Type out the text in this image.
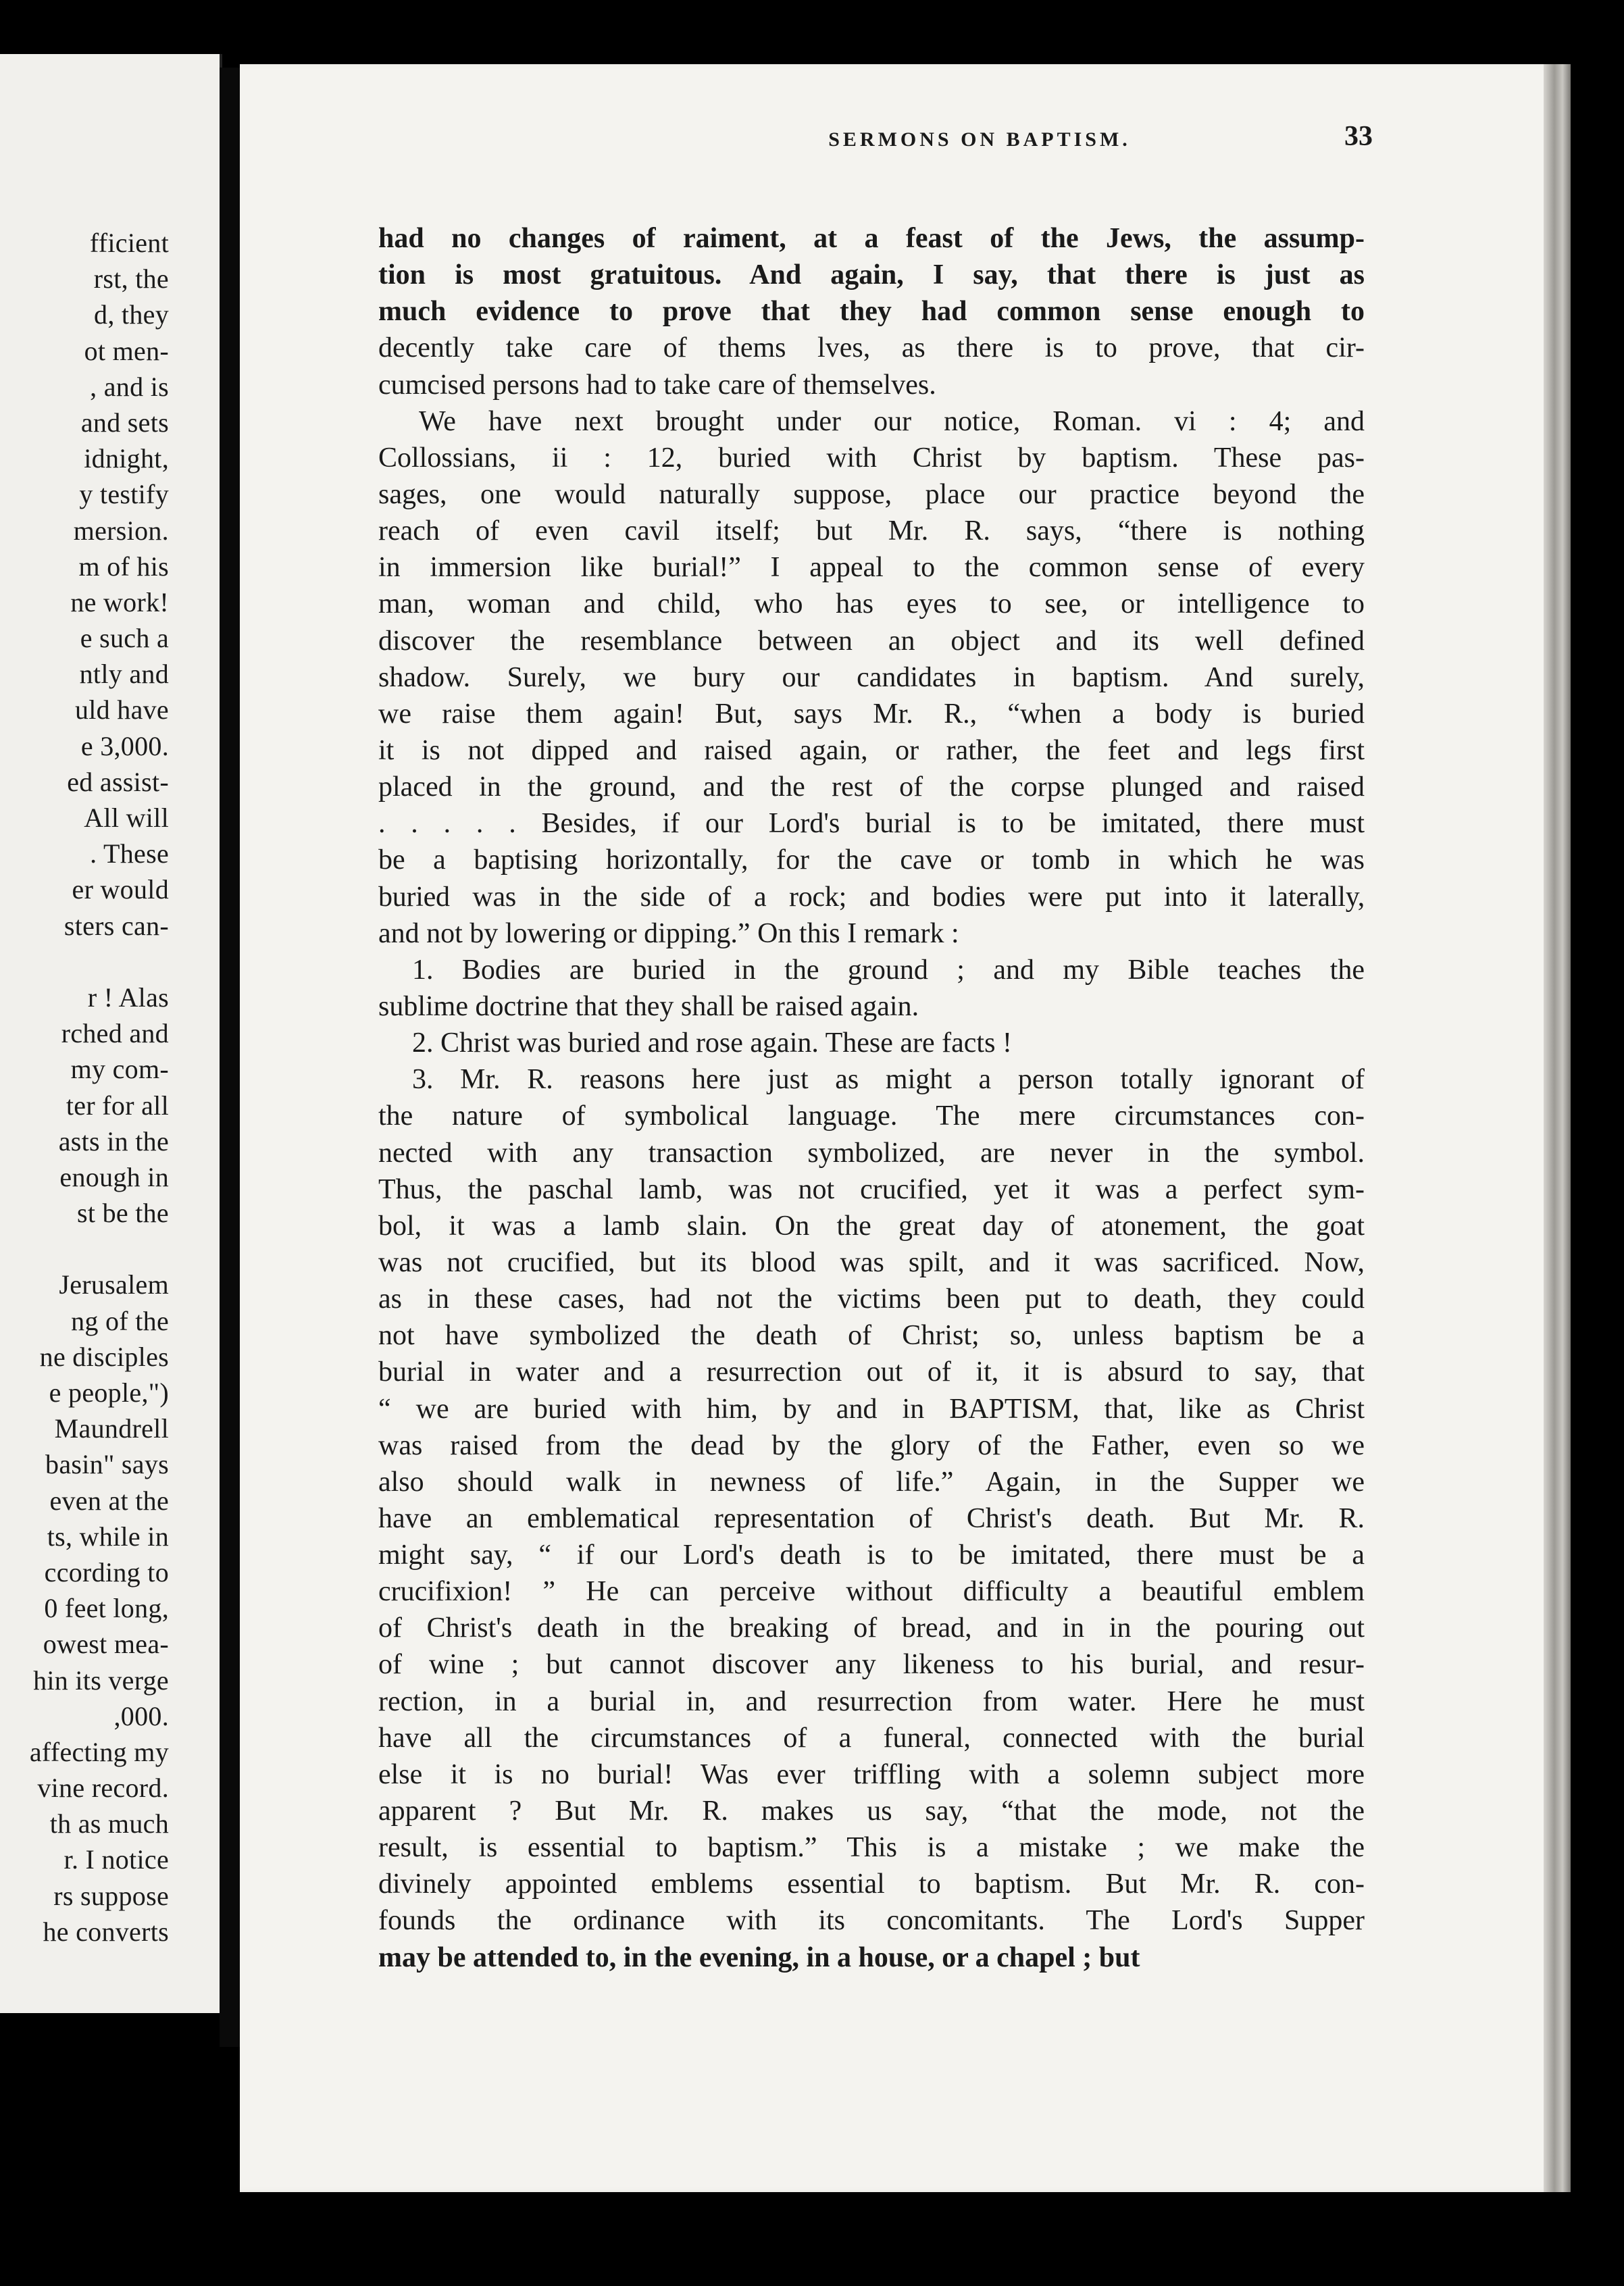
fficient
rst, the
d, they
ot men-
, and is
and sets
idnight,
y testify
mersion.
m of his
ne work!
e such a
ntly and
uld have
e 3,000.
ed assist-
All will
. These
er would
sters can-
r ! Alas
rched and
my com-
ter for all
asts in the
enough in
st be the
Jerusalem
ng of the
ne disciples
e people,")
Maundrell
basin" says
even at the
ts, while in
ccording to
0 feet long,
owest mea-
hin its verge
,000.
affecting my
vine record.
th as much
r. I notice
rs suppose
he converts
SERMONS ON BAPTISM.	33
had no changes of raiment, at a feast of the Jews, the assump-
tion is most gratuitous. And again, I say, that there is just as
much evidence to prove that they had common sense enough to
decently take care of thems lves, as there is to prove, that cir-
cumcised persons had to take care of themselves.
We have next brought under our notice, Roman. vi : 4; and
Collossians, ii : 12, buried with Christ by baptism. These pas-
sages, one would naturally suppose, place our practice beyond the
reach of even cavil itself; but Mr. R. says, “there is nothing
in immersion like burial!” I appeal to the common sense of every
man, woman and child, who has eyes to see, or intelligence to
discover the resemblance between an object and its well defined
shadow. Surely, we bury our candidates in baptism. And surely,
we raise them again! But, says Mr. R., “when a body is buried
it is not dipped and raised again, or rather, the feet and legs first
placed in the ground, and the rest of the corpse plunged and raised
. . . . . Besides, if our Lord's burial is to be imitated, there must
be a baptising horizontally, for the cave or tomb in which he was
buried was in the side of a rock; and bodies were put into it laterally,
and not by lowering or dipping.” On this I remark :
1. Bodies are buried in the ground ; and my Bible teaches the
sublime doctrine that they shall be raised again.
2. Christ was buried and rose again. These are facts !
3. Mr. R. reasons here just as might a person totally ignorant of
the nature of symbolical language. The mere circumstances con-
nected with any transaction symbolized, are never in the symbol.
Thus, the paschal lamb, was not crucified, yet it was a perfect sym-
bol, it was a lamb slain. On the great day of atonement, the goat
was not crucified, but its blood was spilt, and it was sacrificed. Now,
as in these cases, had not the victims been put to death, they could
not have symbolized the death of Christ; so, unless baptism be a
burial in water and a resurrection out of it, it is absurd to say, that
“ we are buried with him, by and in BAPTISM, that, like as Christ
was raised from the dead by the glory of the Father, even so we
also should walk in newness of life.” Again, in the Supper we
have an emblematical representation of Christ's death. But Mr. R.
might say, “ if our Lord's death is to be imitated, there must be a
crucifixion! ” He can perceive without difficulty a beautiful emblem
of Christ's death in the breaking of bread, and in in the pouring out
of wine ; but cannot discover any likeness to his burial, and resur-
rection, in a burial in, and resurrection from water. Here he must
have all the circumstances of a funeral, connected with the burial
else it is no burial! Was ever triffling with a solemn subject more
apparent ? But Mr. R. makes us say, “that the mode, not the
result, is essential to baptism.” This is a mistake ; we make the
divinely appointed emblems essential to baptism. But Mr. R. con-
founds the ordinance with its concomitants. The Lord's Supper
may be attended to, in the evening, in a house, or a chapel ; but
